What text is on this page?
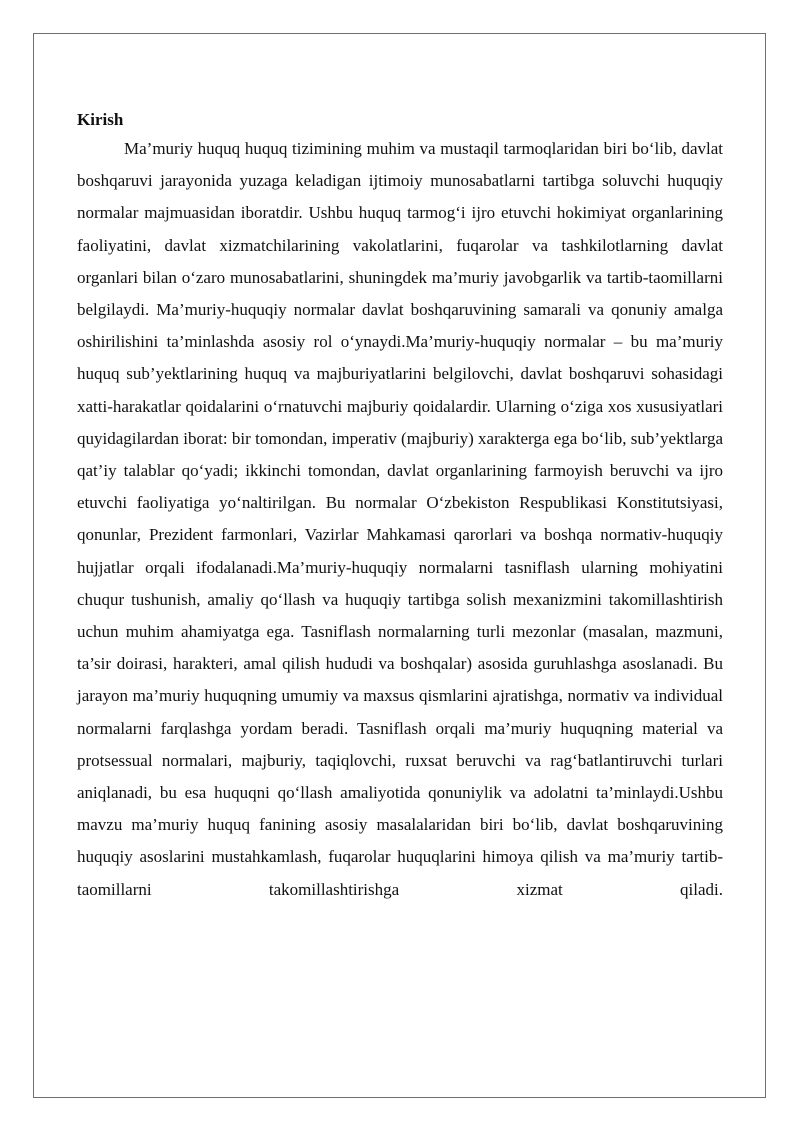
Kirish

Ma’muriy huquq huquq tizimining muhim va mustaqil tarmoqlaridan biri bo‘lib, davlat boshqaruvi jarayonida yuzaga keladigan ijtimoiy munosabatlarni tartibga soluvchi huquqiy normalar majmuasidan iboratdir. Ushbu huquq tarmog‘i ijro etuvchi hokimiyat organlarining faoliyatini, davlat xizmatchilarining vakolatlarini, fuqarolar va tashkilotlarning davlat organlari bilan o‘zaro munosabatlarini, shuningdek ma’muriy javobgarlik va tartib-taomillarni belgilaydi. Ma’muriy-huquqiy normalar davlat boshqaruvining samarali va qonuniy amalga oshirilishini ta’minlashda asosiy rol o‘ynaydi.Ma’muriy-huquqiy normalar – bu ma’muriy huquq sub’yektlarining huquq va majburiyatlarini belgilovchi, davlat boshqaruvi sohasidagi xatti-harakatlar qoidalarini o‘rnatuvchi majburiy qoidalardir. Ularning o‘ziga xos xususiyatlari quyidagilardan iborat: bir tomondan, imperativ (majburiy) xarakterga ega bo‘lib, sub’yektlarga qat’iy talablar qo‘yadi; ikkinchi tomondan, davlat organlarining farmoyish beruvchi va ijro etuvchi faoliyatiga yo‘naltirilgan. Bu normalar O‘zbekiston Respublikasi Konstitutsiyasi, qonunlar, Prezident farmonlari, Vazirlar Mahkamasi qarorlari va boshqa normativ-huquqiy hujjatlar orqali ifodalanadi.Ma’muriy-huquqiy normalarni tasniflash ularning mohiyatini chuqur tushunish, amaliy qo‘llash va huquqiy tartibga solish mexanizmini takomillashtirish uchun muhim ahamiyatga ega. Tasniflash normalarning turli mezonlar (masalan, mazmuni, ta’sir doirasi, harakteri, amal qilish hududi va boshqalar) asosida guruhlashga asoslanadi. Bu jarayon ma’muriy huquqning umumiy va maxsus qismlarini ajratishga, normativ va individual normalarni farqlashga yordam beradi. Tasniflash orqali ma’muriy huquqning material va protsessual normalari, majburiy, taqiqlovchi, ruxsat beruvchi va rag‘batlantiruvchi turlari aniqlanadi, bu esa huquqni qo‘llash amaliyotida qonuniylik va adolatni ta’minlaydi.Ushbu mavzu ma’muriy huquq fanining asosiy masalalaridan biri bo‘lib, davlat boshqaruvining huquqiy asoslarini mustahkamlash, fuqarolar huquqlarini himoya qilish va ma’muriy tartib-taomillarni takomillashtirishga xizmat qiladi.
